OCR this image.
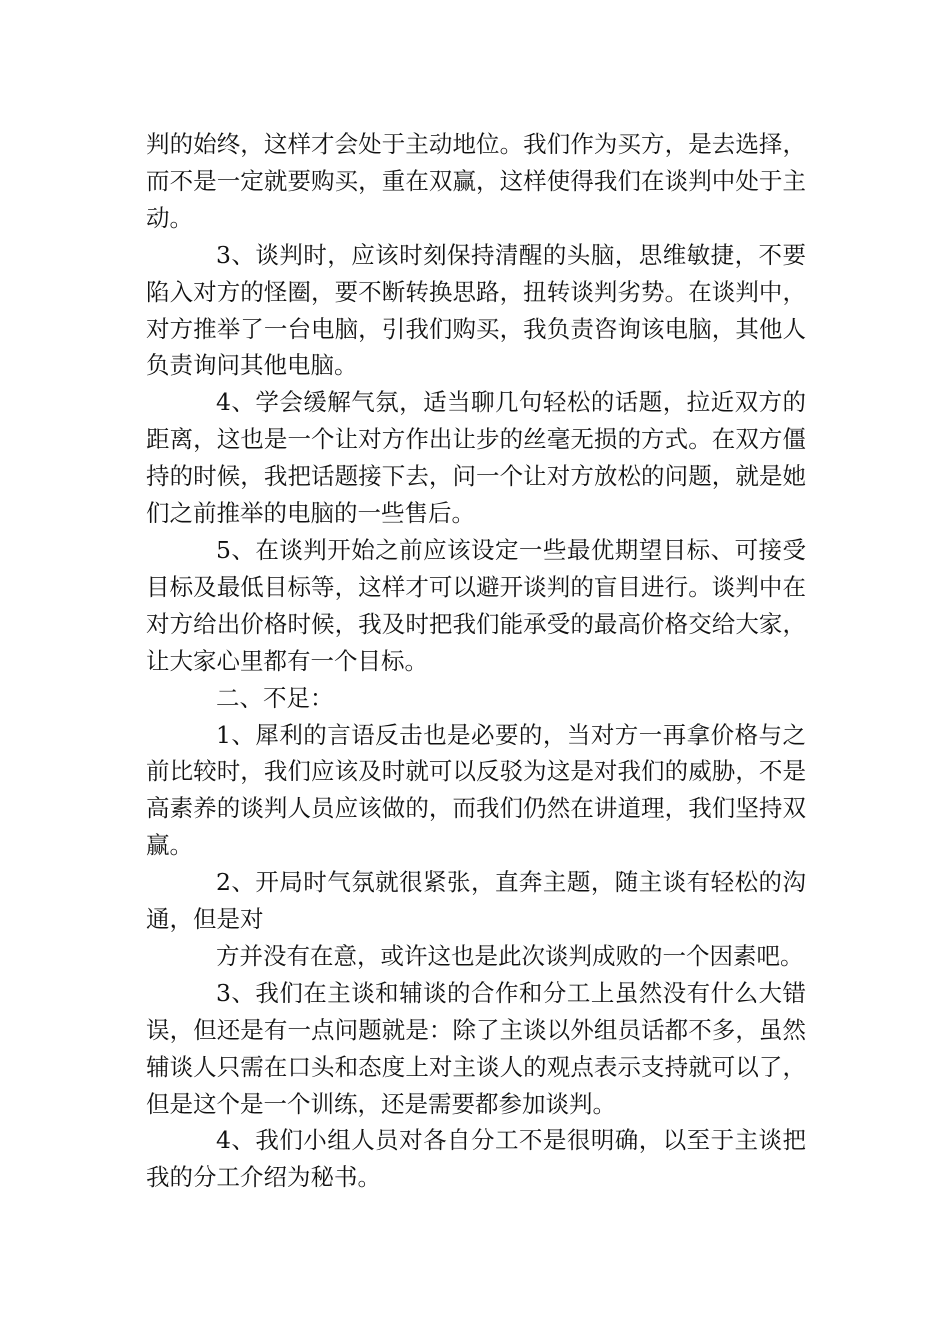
判的始终，这样才会处于主动地位。我们作为买方，是去选择，而不是一定就要购买，重在双赢，这样使得我们在谈判中处于主动。

3、谈判时，应该时刻保持清醒的头脑，思维敏捷，不要陷入对方的怪圈，要不断转换思路，扭转谈判劣势。在谈判中，对方推举了一台电脑，引我们购买，我负责咨询该电脑，其他人负责询问其他电脑。

4、学会缓解气氛，适当聊几句轻松的话题，拉近双方的距离，这也是一个让对方作出让步的丝毫无损的方式。在双方僵持的时候，我把话题接下去，问一个让对方放松的问题，就是她们之前推举的电脑的一些售后。

5、在谈判开始之前应该设定一些最优期望目标、可接受目标及最低目标等，这样才可以避开谈判的盲目进行。谈判中在对方给出价格时候，我及时把我们能承受的最高价格交给大家，让大家心里都有一个目标。

二、不足：

1、犀利的言语反击也是必要的，当对方一再拿价格与之前比较时，我们应该及时就可以反驳为这是对我们的威胁，不是高素养的谈判人员应该做的，而我们仍然在讲道理，我们坚持双赢。

2、开局时气氛就很紧张，直奔主题，随主谈有轻松的沟通，但是对

方并没有在意，或许这也是此次谈判成败的一个因素吧。

3、我们在主谈和辅谈的合作和分工上虽然没有什么大错误，但还是有一点问题就是：除了主谈以外组员话都不多，虽然辅谈人只需在口头和态度上对主谈人的观点表示支持就可以了，但是这个是一个训练，还是需要都参加谈判。

4、我们小组人员对各自分工不是很明确，以至于主谈把我的分工介绍为秘书。
